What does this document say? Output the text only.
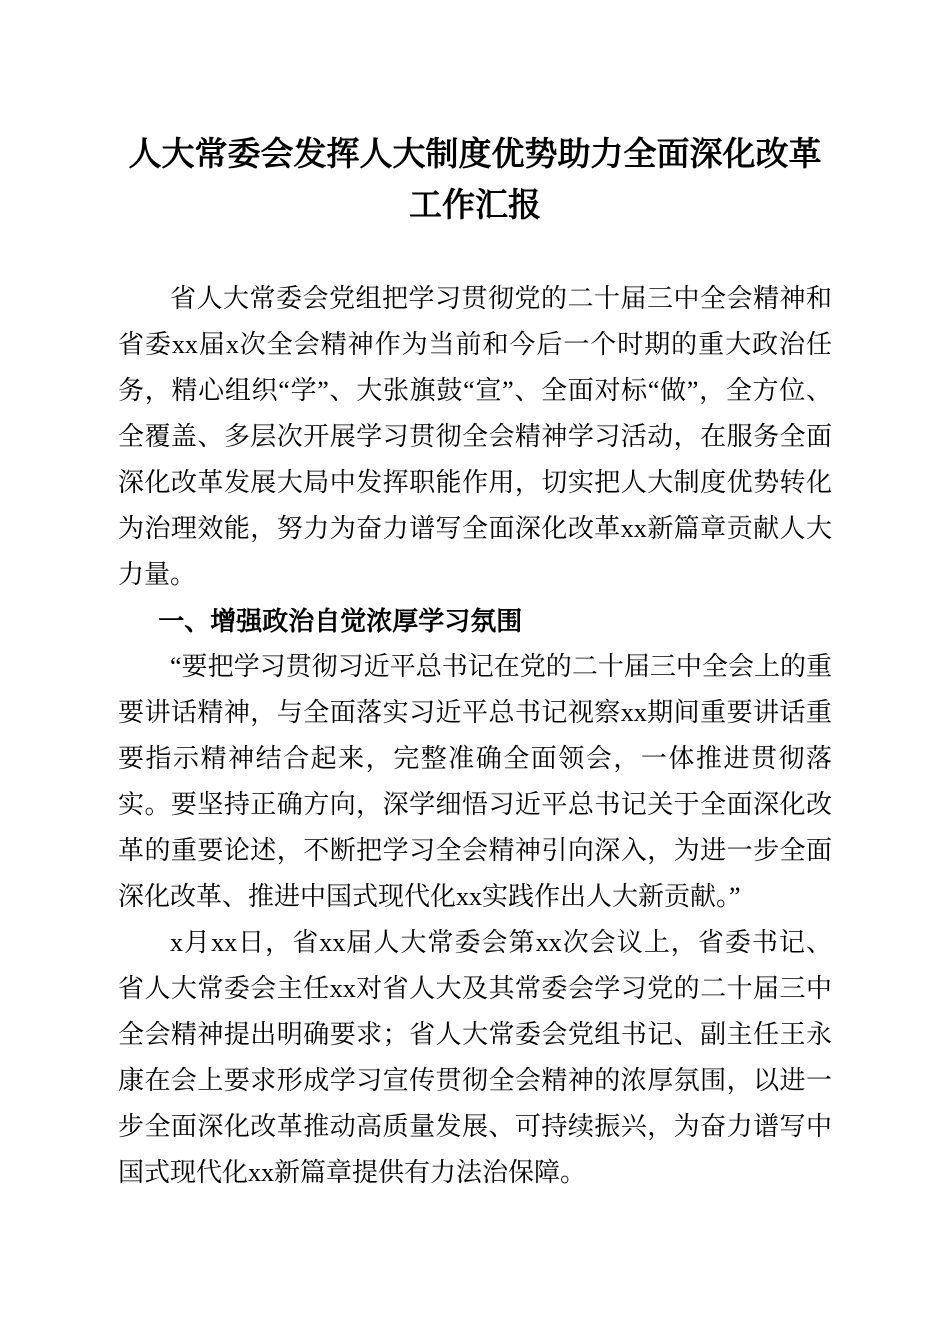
人大常委会发挥人大制度优势助力全面深化改革工作汇报

省人大常委会党组把学习贯彻党的二十届三中全会精神和省委xx届x次全会精神作为当前和今后一个时期的重大政治任务，精心组织“学”、大张旗鼓“宣”、全面对标“做”，全方位、全覆盖、多层次开展学习贯彻全会精神学习活动，在服务全面深化改革发展大局中发挥职能作用，切实把人大制度优势转化为治理效能，努力为奋力谱写全面深化改革xx新篇章贡献人大力量。

一、增强政治自觉浓厚学习氛围

“要把学习贯彻习近平总书记在党的二十届三中全会上的重要讲话精神，与全面落实习近平总书记视察xx期间重要讲话重要指示精神结合起来，完整准确全面领会，一体推进贯彻落实。要坚持正确方向，深学细悟习近平总书记关于全面深化改革的重要论述，不断把学习全会精神引向深入，为进一步全面深化改革、推进中国式现代化xx实践作出人大新贡献。”

x月xx日，省xx届人大常委会第xx次会议上，省委书记、省人大常委会主任xx对省人大及其常委会学习党的二十届三中全会精神提出明确要求；省人大常委会党组书记、副主任王永康在会上要求形成学习宣传贯彻全会精神的浓厚氛围，以进一步全面深化改革推动高质量发展、可持续振兴，为奋力谱写中国式现代化xx新篇章提供有力法治保障。
